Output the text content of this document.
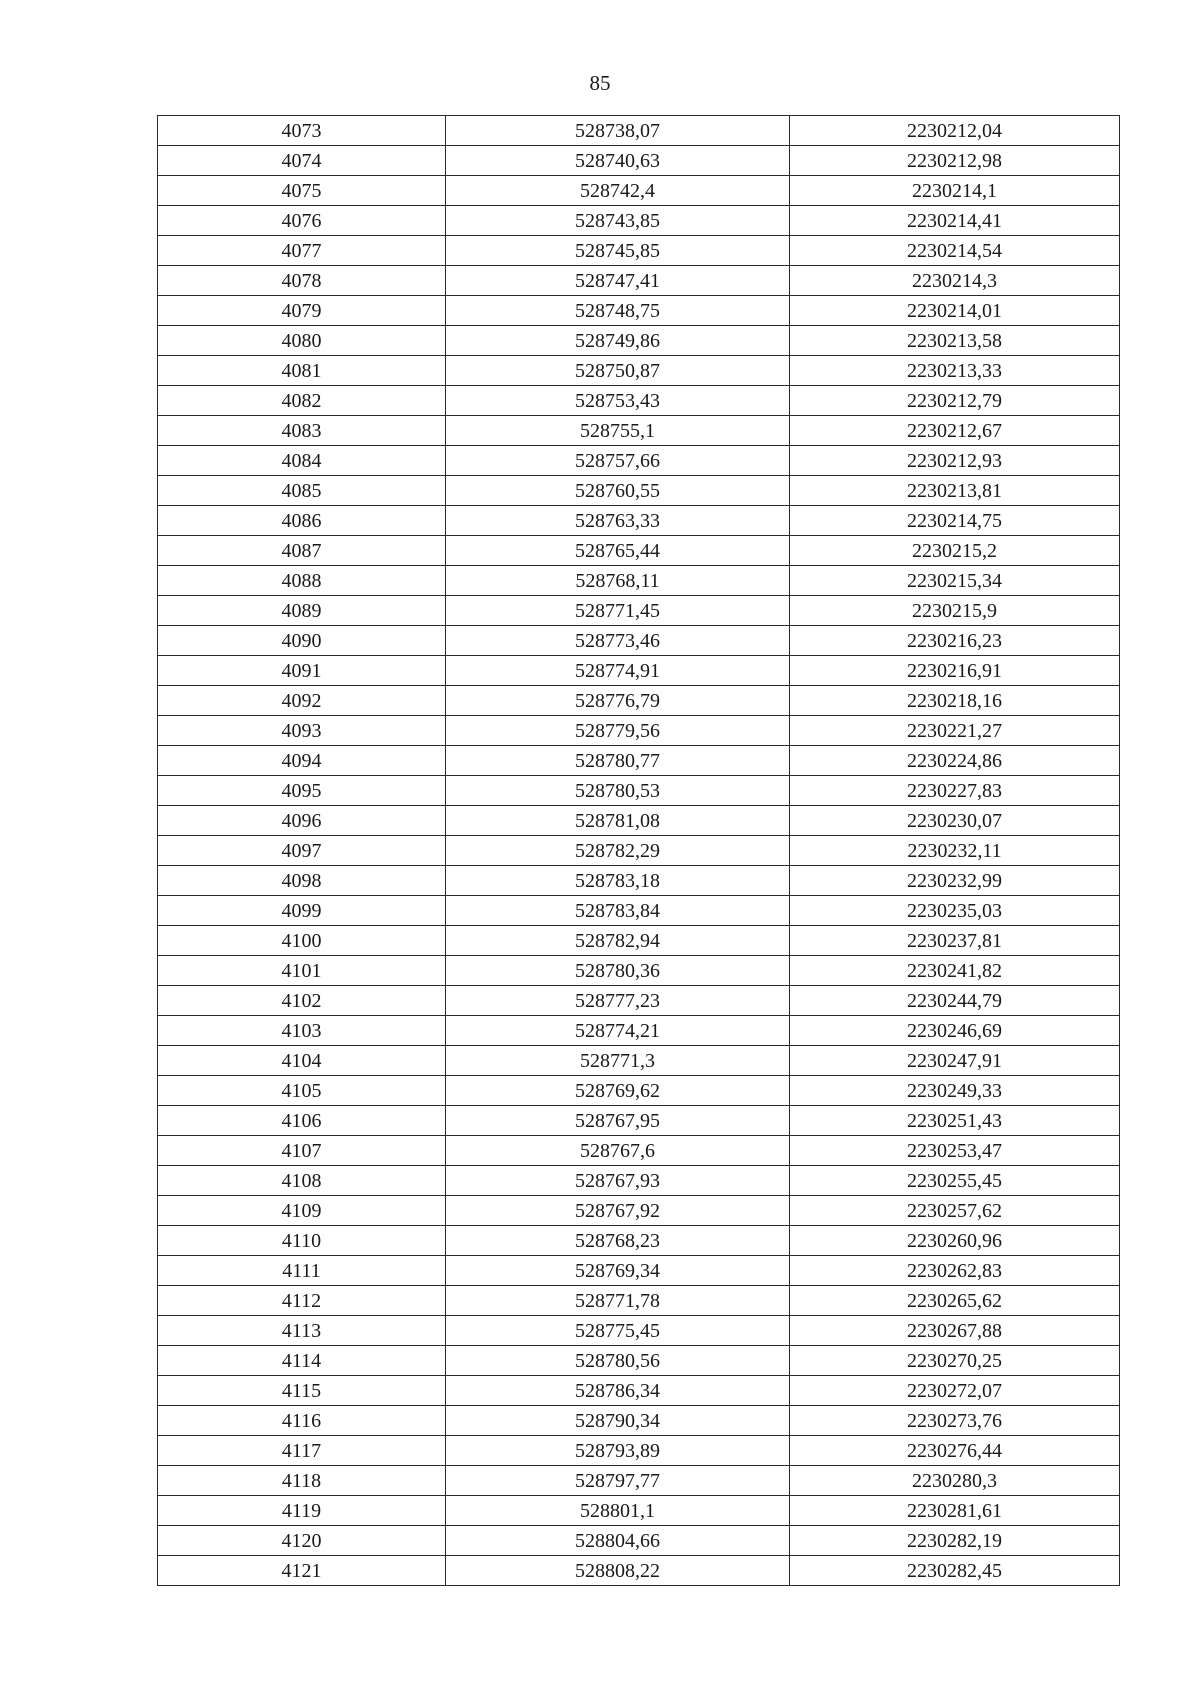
85
4073	528738,07	2230212,04
4074	528740,63	2230212,98
4075	528742,4	2230214,1
4076	528743,85	2230214,41
4077	528745,85	2230214,54
4078	528747,41	2230214,3
4079	528748,75	2230214,01
4080	528749,86	2230213,58
4081	528750,87	2230213,33
4082	528753,43	2230212,79
4083	528755,1	2230212,67
4084	528757,66	2230212,93
4085	528760,55	2230213,81
4086	528763,33	2230214,75
4087	528765,44	2230215,2
4088	528768,11	2230215,34
4089	528771,45	2230215,9
4090	528773,46	2230216,23
4091	528774,91	2230216,91
4092	528776,79	2230218,16
4093	528779,56	2230221,27
4094	528780,77	2230224,86
4095	528780,53	2230227,83
4096	528781,08	2230230,07
4097	528782,29	2230232,11
4098	528783,18	2230232,99
4099	528783,84	2230235,03
4100	528782,94	2230237,81
4101	528780,36	2230241,82
4102	528777,23	2230244,79
4103	528774,21	2230246,69
4104	528771,3	2230247,91
4105	528769,62	2230249,33
4106	528767,95	2230251,43
4107	528767,6	2230253,47
4108	528767,93	2230255,45
4109	528767,92	2230257,62
4110	528768,23	2230260,96
4111	528769,34	2230262,83
4112	528771,78	2230265,62
4113	528775,45	2230267,88
4114	528780,56	2230270,25
4115	528786,34	2230272,07
4116	528790,34	2230273,76
4117	528793,89	2230276,44
4118	528797,77	2230280,3
4119	528801,1	2230281,61
4120	528804,66	2230282,19
4121	528808,22	2230282,45
